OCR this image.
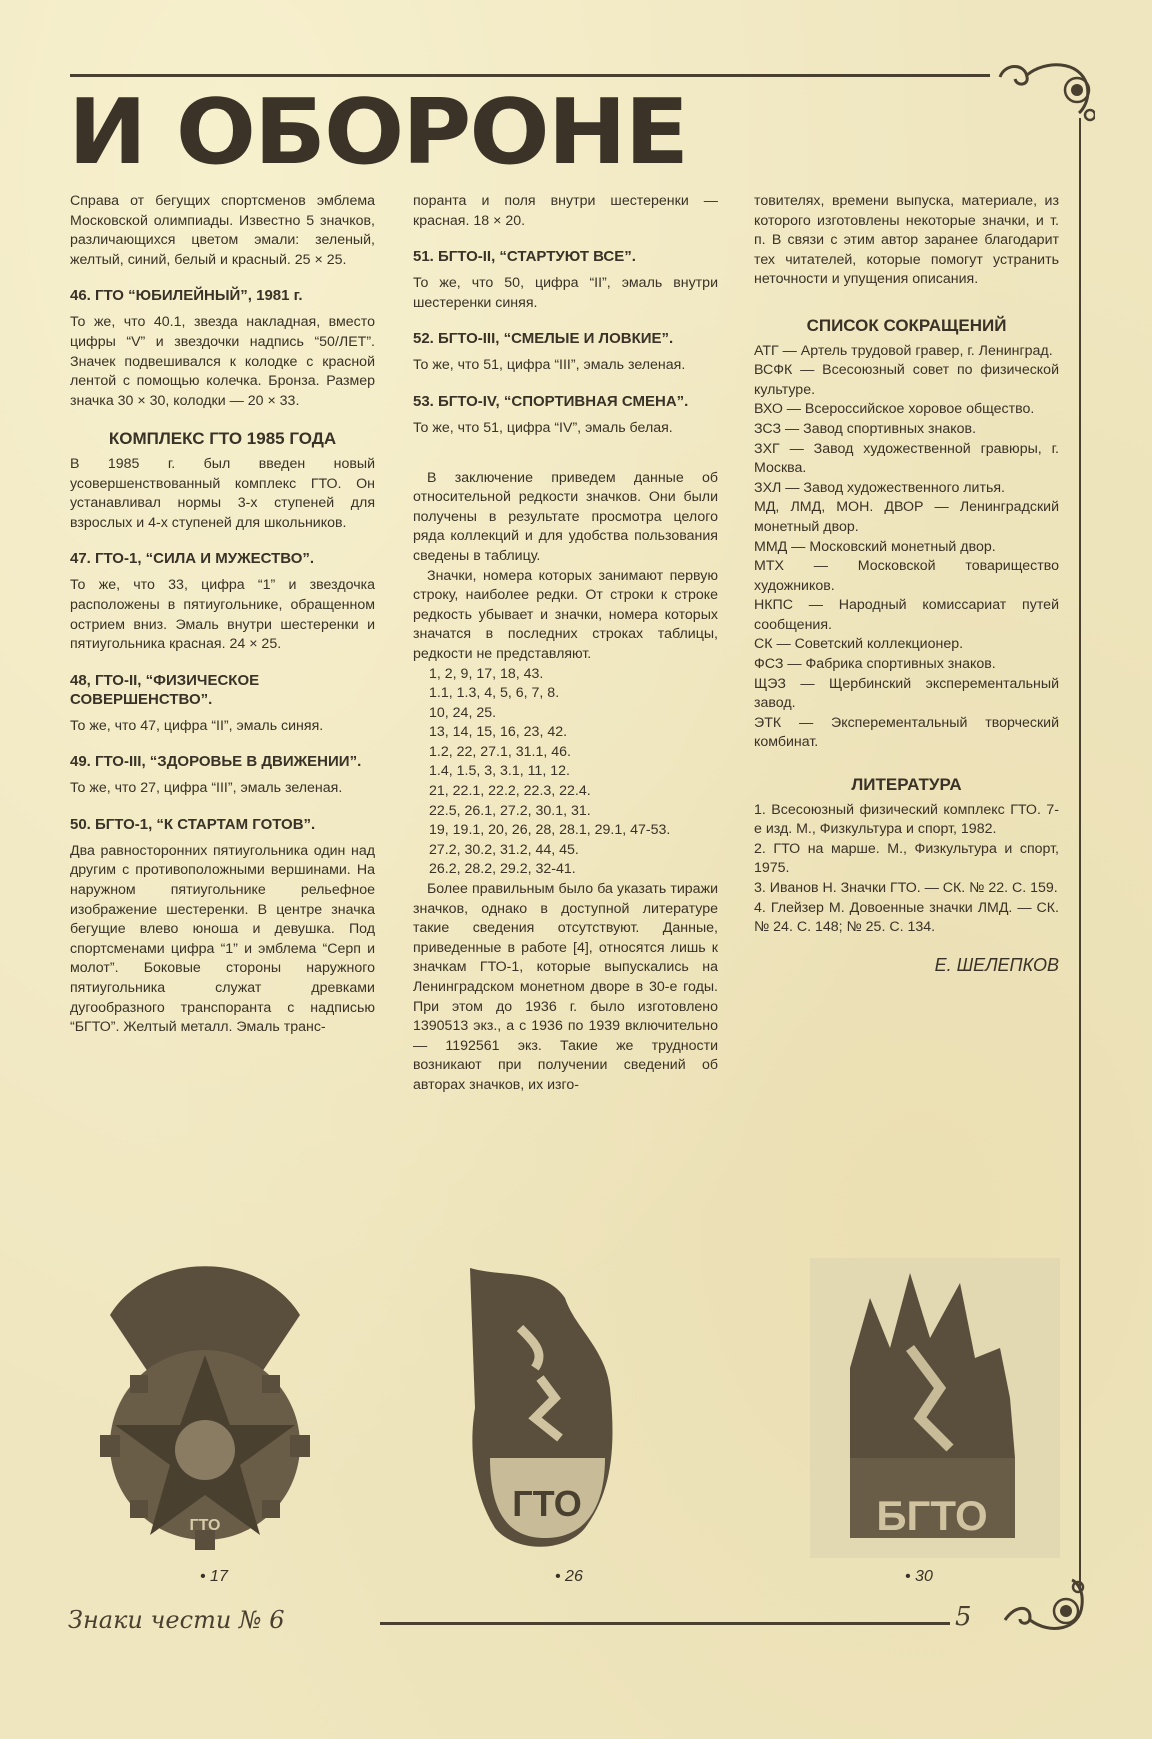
И ОБОРОНЕ

Справа от бегущих спортсменов эмблема Московской олимпиады. Известно 5 значков, различающихся цветом эмали: зеленый, желтый, синий, белый и красный. 25 × 25.

46. ГТО “ЮБИЛЕЙНЫЙ”, 1981 г.

То же, что 40.1, звезда накладная, вместо цифры “V” и звездочки надпись “50/ЛЕТ”. Значек подвешивался к колодке с красной лентой с помощью колечка. Бронза. Размер значка 30 × 30, колодки — 20 × 33.

КОМПЛЕКС ГТО 1985 ГОДА

В 1985 г. был введен новый усовершенствованный комплекс ГТО. Он устанавливал нормы 3-х ступеней для взрослых и 4-х ступеней для школьников.

47. ГТО-1, “СИЛА И МУЖЕСТВО”.

То же, что 33, цифра “1” и звездочка расположены в пятиугольнике, обращенном острием вниз. Эмаль внутри шестеренки и пятиугольника красная. 24 × 25.

48, ГТО-II, “ФИЗИЧЕСКОЕ СОВЕРШЕНСТВО”.

То же, что 47, цифра “II”, эмаль синяя.

49. ГТО-III, “ЗДОРОВЬЕ В ДВИЖЕНИИ”.

То же, что 27, цифра “III”, эмаль зеленая.

50. БГТО-1, “К СТАРТАМ ГОТОВ”.

Два равносторонних пятиугольника один над другим с противоположными вершинами. На наружном пятиугольнике рельефное изображение шестеренки. В центре значка бегущие влево юноша и девушка. Под спортсменами цифра “1” и эмблема “Серп и молот”. Боковые стороны наружного пятиугольника служат древками дугообразного транспоранта с надписью “БГТО”. Желтый металл. Эмаль транс-

поранта и поля внутри шестеренки — красная. 18 × 20.

51. БГТО-II, “СТАРТУЮТ ВСЕ”.

То же, что 50, цифра “II”, эмаль внутри шестеренки синяя.

52. БГТО-III, “СМЕЛЫЕ И ЛОВКИЕ”.

То же, что 51, цифра “III”, эмаль зеленая.

53. БГТО-IV, “СПОРТИВНАЯ СМЕНА”.

То же, что 51, цифра “IV”, эмаль белая.

В заключение приведем данные об относительной редкости значков. Они были получены в результате просмотра целого ряда коллекций и для удобства пользования сведены в таблицу.

Значки, номера которых занимают первую строку, наиболее редки. От строки к строке редкость убывает и значки, номера которых значатся в последних строках таблицы, редкости не представляют.

1, 2, 9, 17, 18, 43.
1.1, 1.3, 4, 5, 6, 7, 8.
10, 24, 25.
13, 14, 15, 16, 23, 42.
1.2, 22, 27.1, 31.1, 46.
1.4, 1.5, 3, 3.1, 11, 12.
21, 22.1, 22.2, 22.3, 22.4.
22.5, 26.1, 27.2, 30.1, 31.
19, 19.1, 20, 26, 28, 28.1, 29.1, 47-53.
27.2, 30.2, 31.2, 44, 45.
26.2, 28.2, 29.2, 32-41.

Более правильным было ба указать тиражи значков, однако в доступной литературе такие сведения отсутствуют. Данные, приведенные в работе [4], относятся лишь к значкам ГТО-1, которые выпускались на Ленинградском монетном дворе в 30-е годы. При этом до 1936 г. было изготовлено 1390513 экз., а с 1936 по 1939 включительно — 1192561 экз. Такие же трудности возникают при получении сведений об авторах значков, их изго-

товителях, времени выпуска, материале, из которого изготовлены некоторые значки, и т. п. В связи с этим автор заранее благодарит тех читателей, которые помогут устранить неточности и упущения описания.

СПИСОК СОКРАЩЕНИЙ

АТГ — Артель трудовой гравер, г. Ленинград.

ВСФК — Всесоюзный совет по физической культуре.

ВХО — Всероссийское хоровое общество.

ЗСЗ — Завод спортивных знаков.

ЗХГ — Завод художественной гравюры, г. Москва.

ЗХЛ — Завод художественного литья.

МД, ЛМД, МОН. ДВОР — Ленинградский монетный двор.

ММД — Московский монетный двор.

МТХ — Московской товарищество художников.

НКПС — Народный комиссариат путей сообщения.

СК — Советский коллекционер.

ФСЗ — Фабрика спортивных знаков.

ЩЭЗ — Щербинский эксперементальный завод.

ЭТК — Эксперементальный творческий комбинат.

ЛИТЕРАТУРА

1. Всесоюзный физический комплекс ГТО. 7-е изд. М., Физкультура и спорт, 1982.

2. ГТО на марше. М., Физкультура и спорт, 1975.

3. Иванов Н. Значки ГТО. — СК. № 22. С. 159.

4. Глейзер М. Довоенные значки ЛМД. — СК. № 24. С. 148; № 25. С. 134.

Е. ШЕЛЕПКОВ
ГТО
ГТО	БГТО
• 17	• 26	• 30
Знаки чести № 6	5
